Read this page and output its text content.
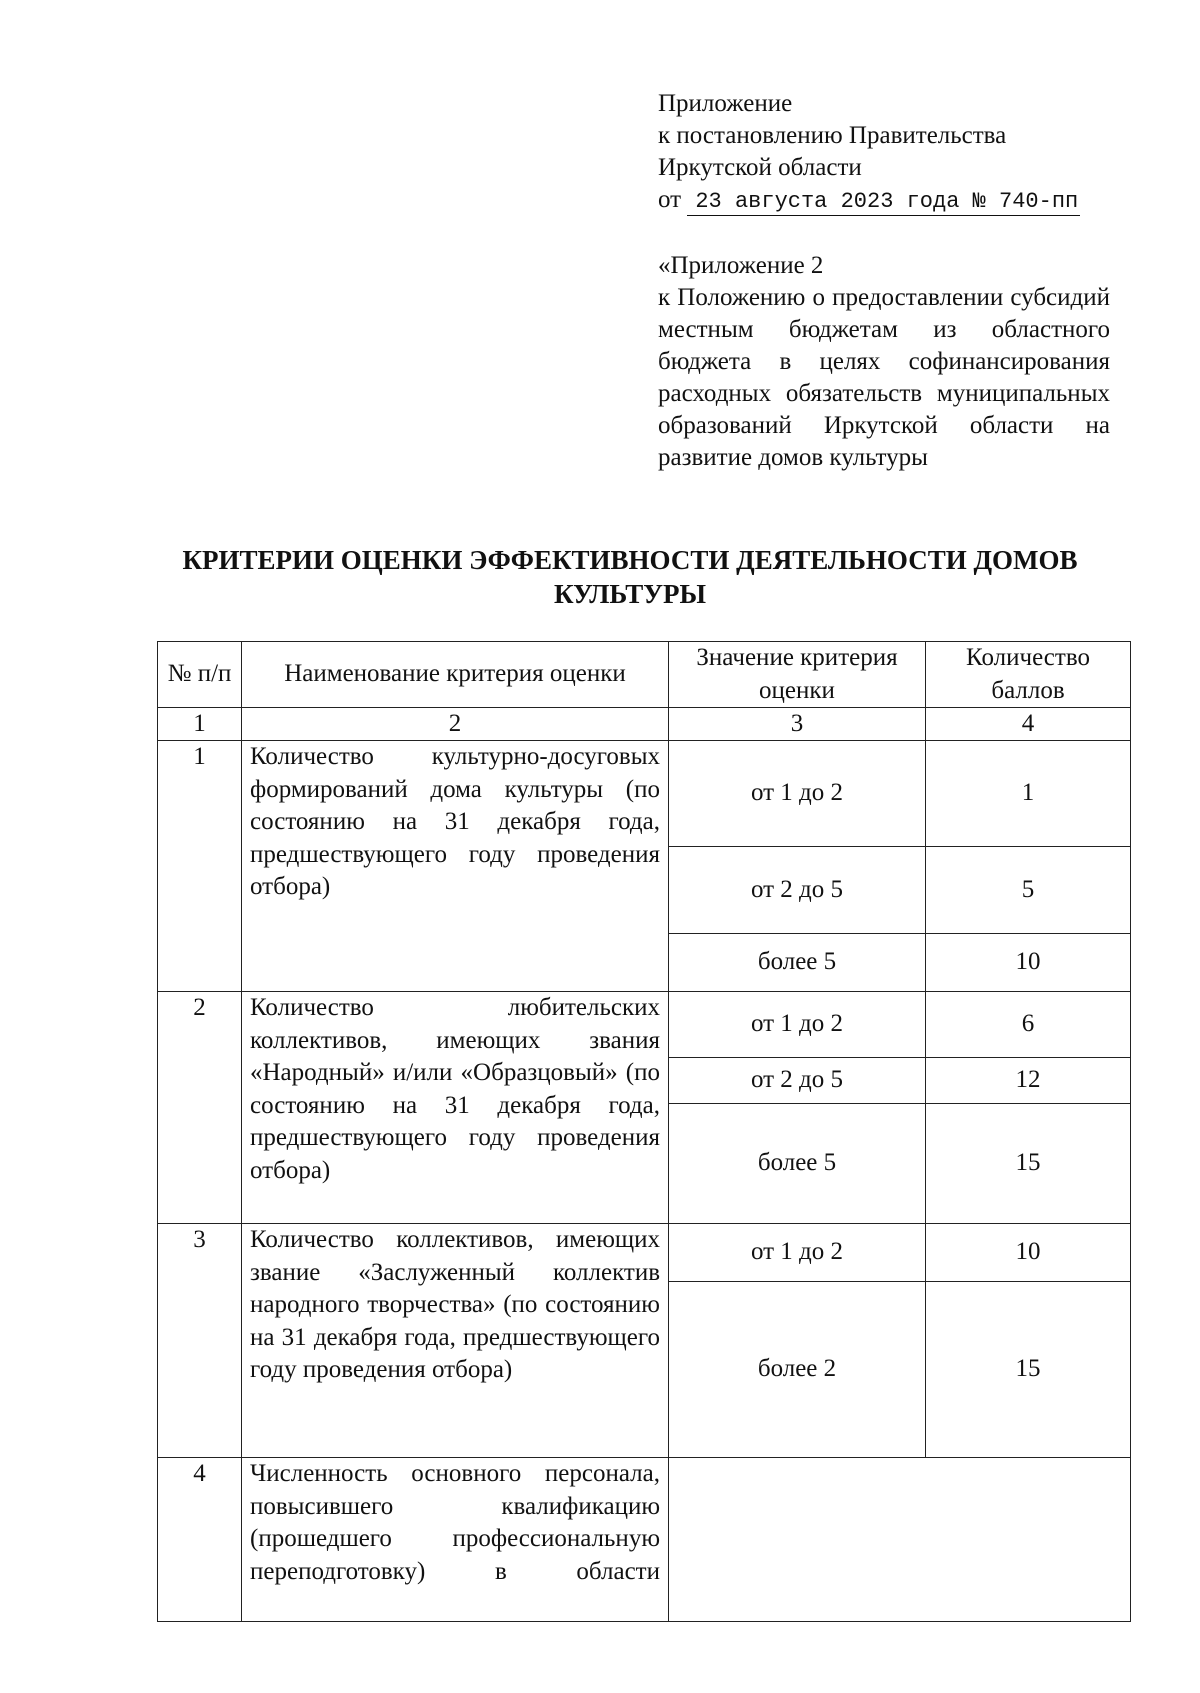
Приложение
к постановлению Правительства
Иркутской области
от 23 августа 2023 года № 740-пп
«Приложение 2
к Положению о предоставлении субсидий местным бюджетам из областного бюджета в целях софинансирования расходных обязательств муниципальных образований Иркутской области на развитие домов культуры
КРИТЕРИИ ОЦЕНКИ ЭФФЕКТИВНОСТИ ДЕЯТЕЛЬНОСТИ ДОМОВ
КУЛЬТУРЫ
№ п/п	Наименование критерия оценки	Значение критерия оценки	Количество баллов
1	2	3	4
1	Количество культурно-досуговых формирований дома культуры (по состоянию на 31 декабря года, предшествующего году проведения отбора)	от 1 до 2	1
		от 2 до 5	5
		более 5	10
2	Количество любительских коллективов, имеющих звания «Народный» и/или «Образцовый» (по состоянию на 31 декабря года, предшествующего году проведения отбора)	от 1 до 2	6
		от 2 до 5	12
		более 5	15
3	Количество коллективов, имеющих звание «Заслуженный коллектив народного творчества» (по состоянию на 31 декабря года, предшествующего году проведения отбора)	от 1 до 2	10
		более 2	15
4	Численность основного персонала, повысившего квалификацию (прошедшего профессиональную переподготовку) в области		
